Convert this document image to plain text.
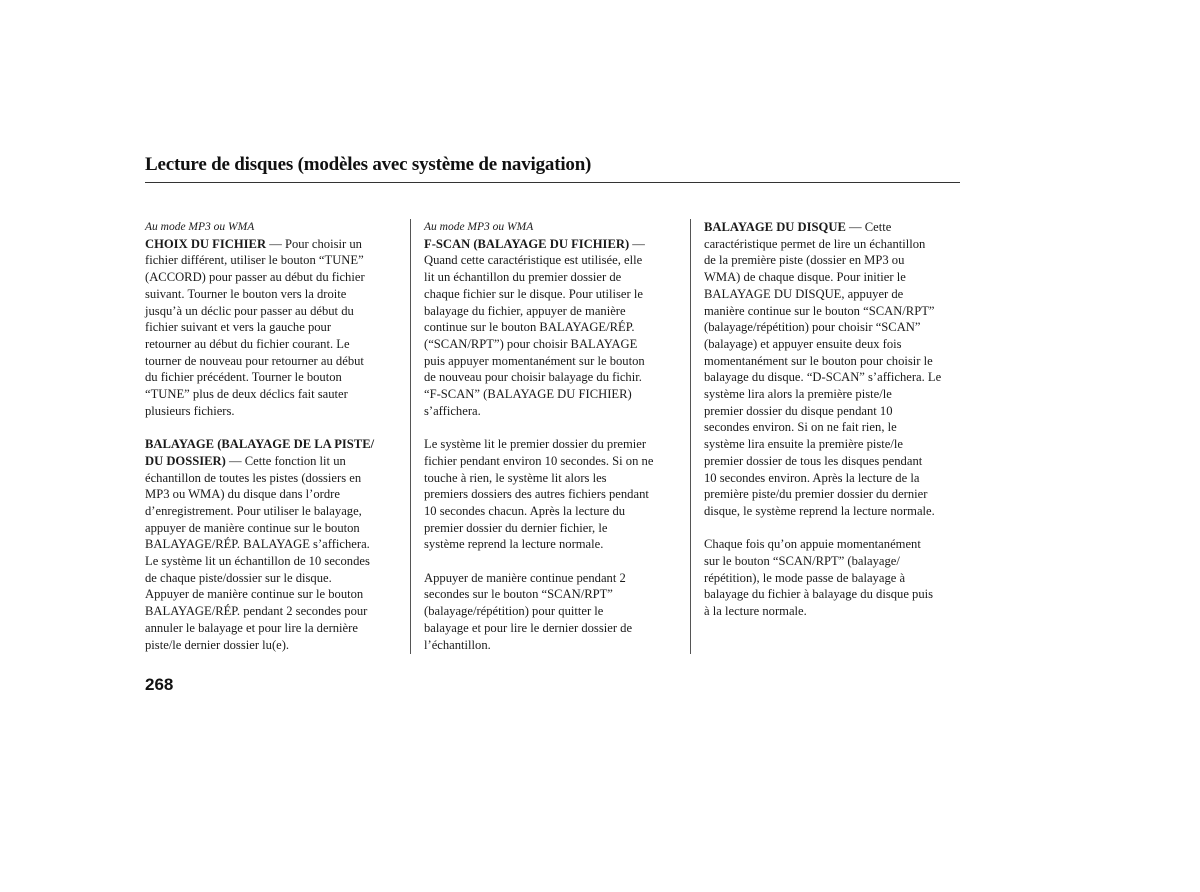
Lecture de disques (modèles avec système de navigation)
Au mode MP3 ou WMA
CHOIX DU FICHIER — Pour choisir un
fichier différent, utiliser le bouton “TUNE”
(ACCORD) pour passer au début du fichier
suivant. Tourner le bouton vers la droite
jusqu’à un déclic pour passer au début du
fichier suivant et vers la gauche pour
retourner au début du fichier courant. Le
tourner de nouveau pour retourner au début
du fichier précédent. Tourner le bouton
“TUNE” plus de deux déclics fait sauter
plusieurs fichiers.
BALAYAGE (BALAYAGE DE LA PISTE/
DU DOSSIER) — Cette fonction lit un
échantillon de toutes les pistes (dossiers en
MP3 ou WMA) du disque dans l’ordre
d’enregistrement. Pour utiliser le balayage,
appuyer de manière continue sur le bouton
BALAYAGE/RÉP. BALAYAGE s’affichera.
Le système lit un échantillon de 10 secondes
de chaque piste/dossier sur le disque.
Appuyer de manière continue sur le bouton
BALAYAGE/RÉP. pendant 2 secondes pour
annuler le balayage et pour lire la dernière
piste/le dernier dossier lu(e).
Au mode MP3 ou WMA
F-SCAN (BALAYAGE DU FICHIER) —
Quand cette caractéristique est utilisée, elle
lit un échantillon du premier dossier de
chaque fichier sur le disque. Pour utiliser le
balayage du fichier, appuyer de manière
continue sur le bouton BALAYAGE/RÉP.
(“SCAN/RPT”) pour choisir BALAYAGE
puis appuyer momentanément sur le bouton
de nouveau pour choisir balayage du fichir.
“F-SCAN” (BALAYAGE DU FICHIER)
s’affichera.
Le système lit le premier dossier du premier
fichier pendant environ 10 secondes. Si on ne
touche à rien, le système lit alors les
premiers dossiers des autres fichiers pendant
10 secondes chacun. Après la lecture du
premier dossier du dernier fichier, le
système reprend la lecture normale.
Appuyer de manière continue pendant 2
secondes sur le bouton “SCAN/RPT”
(balayage/répétition) pour quitter le
balayage et pour lire le dernier dossier de
l’échantillon.
BALAYAGE DU DISQUE — Cette
caractéristique permet de lire un échantillon
de la première piste (dossier en MP3 ou
WMA) de chaque disque. Pour initier le
BALAYAGE DU DISQUE, appuyer de
manière continue sur le bouton “SCAN/RPT”
(balayage/répétition) pour choisir “SCAN”
(balayage) et appuyer ensuite deux fois
momentanément sur le bouton pour choisir le
balayage du disque. “D-SCAN” s’affichera. Le
système lira alors la première piste/le
premier dossier du disque pendant 10
secondes environ. Si on ne fait rien, le
système lira ensuite la première piste/le
premier dossier de tous les disques pendant
10 secondes environ. Après la lecture de la
première piste/du premier dossier du dernier
disque, le système reprend la lecture normale.
Chaque fois qu’on appuie momentanément
sur le bouton “SCAN/RPT” (balayage/
répétition), le mode passe de balayage à
balayage du fichier à balayage du disque puis
à la lecture normale.

268
